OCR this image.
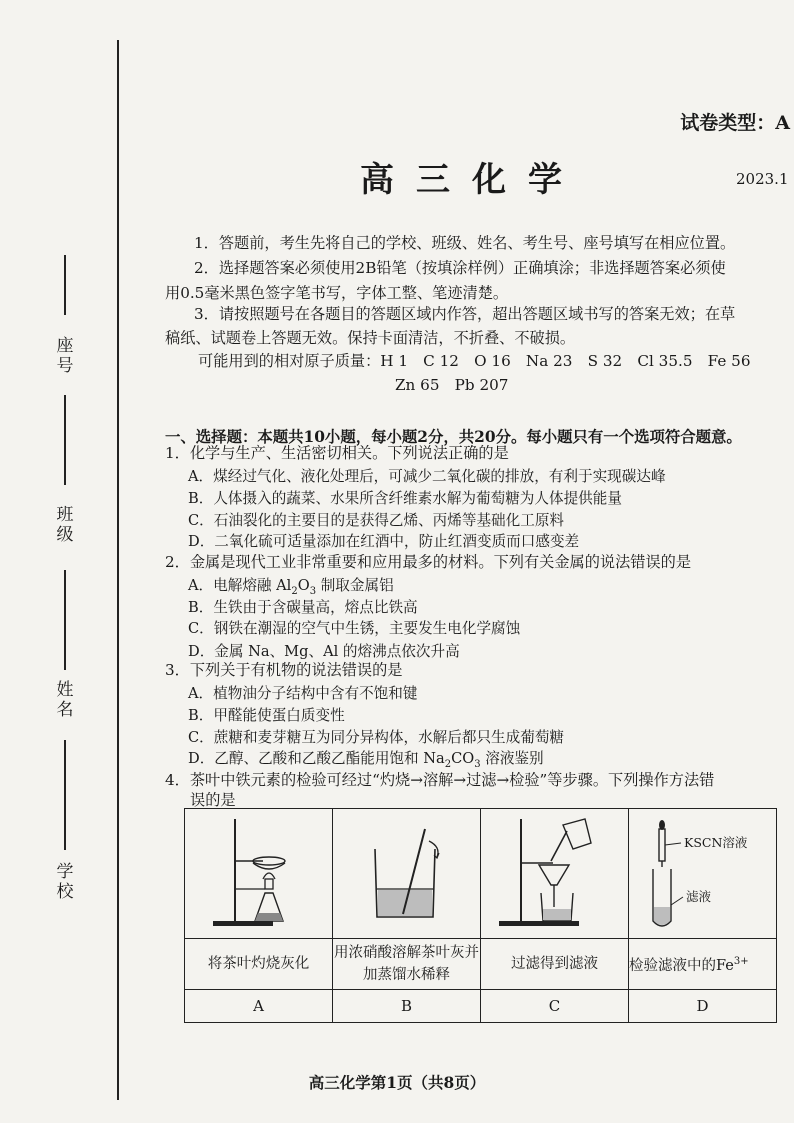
座号
班级
姓名
学校
试卷类型：A
高三化学	2023.1
1．答题前，考生先将自己的学校、班级、姓名、考生号、座号填写在相应位置。
2．选择题答案必须使用2B铅笔（按填涂样例）正确填涂；非选择题答案必须使
用0.5毫米黑色签字笔书写，字体工整、笔迹清楚。
3．请按照题号在各题目的答题区域内作答，超出答题区域书写的答案无效；在草
稿纸、试题卷上答题无效。保持卡面清洁，不折叠、不破损。
可能用到的相对原子质量：H 1　C 12　O 16　Na 23　S 32　Cl 35.5　Fe 56
Zn 65　Pb 207
一、选择题：本题共10小题，每小题2分，共20分。每小题只有一个选项符合题意。
1．化学与生产、生活密切相关。下列说法正确的是
A．煤经过气化、液化处理后，可减少二氧化碳的排放，有利于实现碳达峰
B．人体摄入的蔬菜、水果所含纤维素水解为葡萄糖为人体提供能量
C．石油裂化的主要目的是获得乙烯、丙烯等基础化工原料
D．二氧化硫可适量添加在红酒中，防止红酒变质而口感变差
2．金属是现代工业非常重要和应用最多的材料。下列有关金属的说法错误的是
A．电解熔融 $Al_2O_3$ 制取金属铝
B．生铁由于含碳量高，熔点比铁高
C．钢铁在潮湿的空气中生锈，主要发生电化学腐蚀
D．金属 Na、Mg、Al 的熔沸点依次升高
3．下列关于有机物的说法错误的是
A．植物油分子结构中含有不饱和键
B．甲醛能使蛋白质变性
C．蔗糖和麦芽糖互为同分异构体，水解后都只生成葡萄糖
D．乙醇、乙酸和乙酸乙酯能用饱和 $Na_2CO_3$ 溶液鉴别
4．茶叶中铁元素的检验可经过“灼烧→溶解→过滤→检验”等步骤。下列操作方法错
误的是

KSCN溶液
滤液

将茶叶灼烧灰化	用浓硝酸溶解茶叶灰并加蒸馏水稀释	过滤得到滤液	检验滤液中的$Fe^{3+}$
A	B	C	D
高三化学第1页（共8页）
